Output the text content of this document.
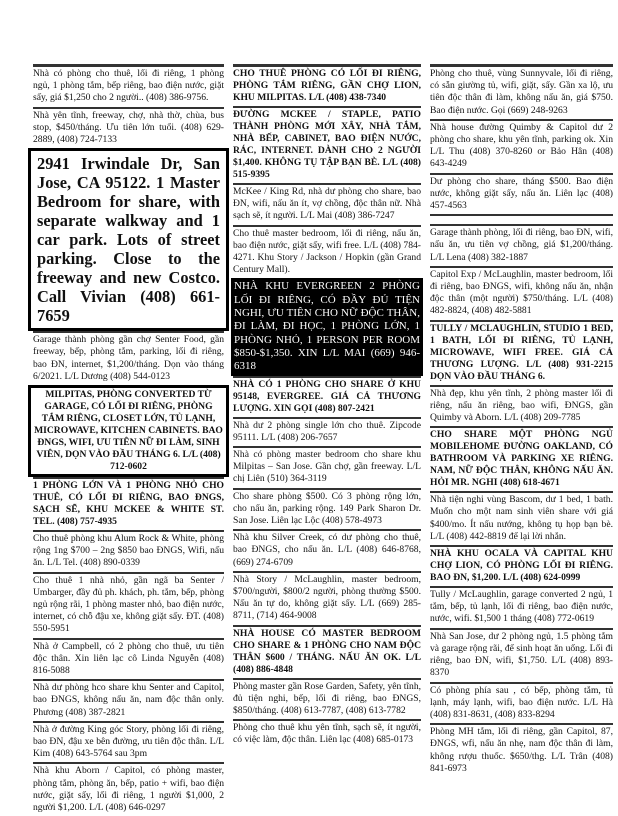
Nhà có phòng cho thuê, lối đi riêng, 1 phòng ngủ, 1 phòng tắm, bếp riêng, bao điện nước, giặt sấy, giá $1,250 cho 2 người.. (408) 386-9756.
Nhà yên tĩnh, freeway, chợ, nhà thờ, chùa, bus stop, $450/tháng. Ưu tiên lớn tuổi. (408) 629-2889, (408) 724-7133
2941 Irwindale Dr, San Jose, CA 95122. 1 Master Bedroom for share, with separate walkway and 1 car park. Lots of street parking. Close to the freeway and new Costco. Call Vivian (408) 661-7659
Garage thành phòng gần chợ Senter Food, gần freeway, bếp, phòng tắm, parking, lối đi riêng, bao ĐN, internet, $1,200/tháng. Dọn vào tháng 6/2021. L/L Dương (408) 544-0123
MILPITAS, PHÒNG CONVERTED TỪ GARAGE, CÓ LỐI ĐI RIÊNG, PHÒNG TẮM RIÊNG, CLOSET LỚN, TỦ LẠNH, MICROWAVE, KITCHEN CABINETS. BAO ĐNGS, WIFI, ƯU TIÊN NỮ ĐI LÀM, SINH VIÊN, DỌN VÀO ĐẦU THÁNG 6. L/L (408) 712-0602
1 PHÒNG LỚN VÀ 1 PHÒNG NHỎ CHO THUÊ, CÓ LỐI ĐI RIÊNG, BAO ĐNGS, SẠCH SẼ, KHU MCKEE & WHITE ST. TEL. (408) 757-4935
Cho thuê phòng khu Alum Rock & White, phòng rộng 1ng $700 – 2ng $850 bao ĐNGS, Wifi, nấu ăn. L/L Tel. (408) 890-0339
Cho thuê 1 nhà nhỏ, gần ngã ba Senter / Umbarger, đầy đủ ph. khách, ph. tắm, bếp, phòng ngủ rộng rãi, 1 phòng master nhỏ, bao điện nước, internet, có chỗ đậu xe, không giặt sấy. ĐT. (408) 550-5951
Nhà ở Campbell, có 2 phòng cho thuê, ưu tiên độc thân. Xin liên lạc cô Linda Nguyễn (408) 816-5088
Nhà dư phòng hco share khu Senter and Capitol, bao ĐNGS, không nấu ăn, nam độc thân only. Phương (408) 387-2821
Nhà ở đường King góc Story, phòng lối đi riêng, bao ĐN, đậu xe bên đường, ưu tiên độc thân. L/L Kim (408) 643-5764 sau 3pm
Nhà khu Aborn / Capitol, có phòng master, phòng tắm, phòng ăn, bếp, patio + wifi, bao điện nước, giặt sấy, lối đi riêng, 1 người $1,000, 2 người $1,200. L/L (408) 646-0297
CHO THUÊ PHÒNG CÓ LỐI ĐI RIÊNG, PHÒNG TẮM RIÊNG, GẦN CHỢ LION, KHU MILPITAS. L/L (408) 438-7340
ĐƯỜNG MCKEE / STAPLE, PATIO THÀNH PHÒNG MỚI XÂY, NHÀ TẮM, NHÀ BẾP, CABINET, BAO ĐIỆN NƯỚC, RÁC, INTERNET. DÀNH CHO 2 NGƯỜI $1,400. KHÔNG TỤ TẬP BẠN BÈ. L/L (408) 515-9395
McKee / King Rd, nhà dư phòng cho share, bao ĐN, wifi, nấu ăn ít, vợ chồng, độc thân nữ. Nhà sạch sẽ, ít người. L/L Mai (408) 386-7247
Cho thuê master bedroom, lối đi riêng, nấu ăn, bao điện nước, giặt sấy, wifi free. L/L (408) 784-4271. Khu Story / Jackson / Hopkin (gần Grand Century Mall).
NHÀ KHU EVERGREEN 2 PHÒNG LỐI ĐI RIÊNG, CÓ ĐẦY ĐỦ TIỆN NGHI, ƯU TIÊN CHO NỮ ĐỘC THÂN, ĐI LÀM, ĐI HỌC, 1 PHÒNG LỚN, 1 PHÒNG NHỎ, 1 PERSON PER ROOM $850-$1,350. XIN L/L MAI (669) 946-6318
NHÀ CÓ 1 PHÒNG CHO SHARE Ở KHU 95148, EVERGREE. GIÁ CẢ THƯƠNG LƯỢNG. XIN GỌI (408) 807-2421
Nhà dư 2 phòng single lớn cho thuê. Zipcode 95111. L/L (408) 206-7657
Nhà có phòng master bedroom cho share khu Milpitas – San Jose. Gần chợ, gần freeway. L/L chị Liên (510) 364-3119
Cho share phòng $500. Có 3 phòng rộng lớn, cho nấu ăn, parking rộng. 149 Park Sharon Dr. San Jose. Liên lạc Lộc (408) 578-4973
Nhà khu Silver Creek, có dư phòng cho thuê, bao ĐNGS, cho nấu ăn. L/L (408) 646-8768, (669) 274-6709
Nhà Story / McLaughlin, master bedroom, $700/người, $800/2 người, phòng thường $500. Nấu ăn tự do, không giặt sấy. L/L (669) 285-8711, (714) 464-9008
NHÀ HOUSE CÓ MASTER BEDROOM CHO SHARE & 1 PHÒNG CHO NAM ĐỘC THÂN $600 / THÁNG. NẤU ĂN OK. L/L (408) 886-4848
Phòng master gần Rose Garden, Safety, yên tĩnh, đủ tiện nghi, bếp, lối đi riêng, bao ĐNGS, $850/tháng. (408) 613-7787, (408) 613-7782
Phòng cho thuê khu yên tĩnh, sạch sẽ, ít người, có việc làm, độc thân. Liên lạc (408) 685-0173
Phòng cho thuê, vùng Sunnyvale, lối đi riêng, có sẵn giường tủ, wifi, giặt, sấy. Gần xa lộ, ưu tiên độc thân đi làm, không nấu ăn, giá $750. Bao điện nước. Gọi (669) 248-9263
Nhà house đường Quimby & Capitol dư 2 phòng cho share, khu yên tĩnh, parking ok. Xin L/L Thu (408) 370-8260 or Bảo Hân (408) 643-4249
Dư phòng cho share, tháng $500. Bao điện nước, không giặt sấy, nấu ăn. Liên lạc (408) 457-4563
Garage thành phòng, lối đi riêng, bao ĐN, wifi, nấu ăn, ưu tiên vợ chồng, giá $1,200/tháng. L/L Lena (408) 382-1887
Capitol Exp / McLaughlin, master bedroom, lối đi riêng, bao ĐNGS, wifi, không nấu ăn, nhận độc thân (một người) $750/tháng. L/L (408) 482-8824, (408) 482-5881
TULLY / MCLAUGHLIN, STUDIO 1 BED, 1 BATH, LỐI ĐI RIÊNG, TỦ LẠNH, MICROWAVE, WIFI FREE. GIÁ CẢ THƯƠNG LƯỢNG. L/L (408) 931-2215 DỌN VÀO ĐẦU THÁNG 6.
Nhà đẹp, khu yên tĩnh, 2 phòng master lối đi riêng, nấu ăn riêng, bao wifi, ĐNGS, gần Quimby và Aborn. L/L (408) 209-7785
CHO SHARE MỘT PHÒNG NGỦ MOBILEHOME ĐƯỜNG OAKLAND, CÓ BATHROOM VÀ PARKING XE RIÊNG. NAM, NỮ ĐỘC THÂN, KHÔNG NẤU ĂN. HỎI MR. NGHI (408) 618-4671
Nhà tiện nghi vùng Bascom, dư 1 bed, 1 bath. Muốn cho một nam sinh viên share với giá $400/mo. Ít nấu nướng, không tụ họp bạn bè. L/L (408) 442-8819 để lại lời nhắn.
NHÀ KHU OCALA VÀ CAPITAL KHU CHỢ LION, CÓ PHÒNG LỐI ĐI RIÊNG. BAO ĐN, $1,200. L/L (408) 624-0999
Tully / McLaughlin, garage converted 2 ngủ, 1 tắm, bếp, tủ lạnh, lối đi riêng, bao điện nước, nước, wifi. $1,500 1 tháng (408) 772-0619
Nhà San Jose, dư 2 phòng ngủ, 1.5 phòng tắm và garage rộng rãi, để sinh hoạt ăn uống. Lối đi riêng, bao ĐN, wifi, $1,750. L/L (408) 893-8370
Có phòng phía sau , có bếp, phòng tắm, tủ lạnh, máy lạnh, wifi, bao điện nước. L/L Hà (408) 831-8631, (408) 833-8294
Phòng MH tắm, lối đi riêng, gần Capitol, 87, ĐNGS, wfi, nấu ăn nhẹ, nam độc thân đi làm, không rượu thuốc. $650/thg. L/L Trân (408) 841-6973
